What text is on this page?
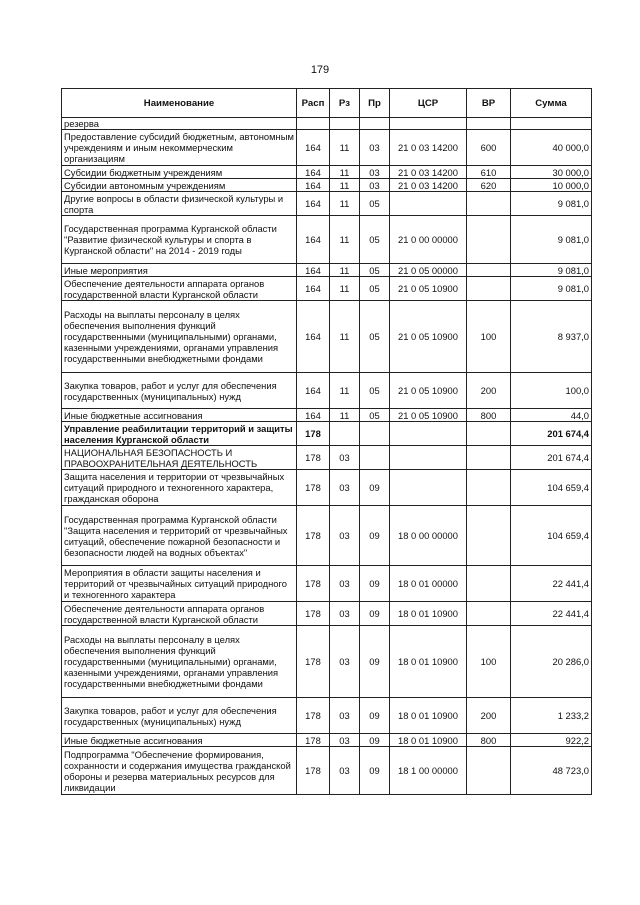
179
Наименование	Расп	Рз	Пр	ЦСР	ВР	Сумма
резерва						
Предоставление субсидий бюджетным, автономным учреждениям и иным некоммерческим организациям	164	11	03	21 0 03 14200	600	40 000,0
Субсидии бюджетным учреждениям	164	11	03	21 0 03 14200	610	30 000,0
Субсидии автономным учреждениям	164	11	03	21 0 03 14200	620	10 000,0
Другие вопросы в области физической культуры и спорта	164	11	05			9 081,0
Государственная программа Курганской области "Развитие физической культуры и спорта в Курганской области" на 2014 - 2019 годы	164	11	05	21 0 00 00000		9 081,0
Иные мероприятия	164	11	05	21 0 05 00000		9 081,0
Обеспечение деятельности аппарата органов государственной власти Курганской области	164	11	05	21 0 05 10900		9 081,0
Расходы на выплаты персоналу в целях обеспечения выполнения функций государственными (муниципальными) органами, казенными учреждениями, органами управления государственными внебюджетными фондами	164	11	05	21 0 05 10900	100	8 937,0
Закупка товаров, работ и услуг для обеспечения государственных (муниципальных) нужд	164	11	05	21 0 05 10900	200	100,0
Иные бюджетные ассигнования	164	11	05	21 0 05 10900	800	44,0
Управление реабилитации территорий и защиты населения Курганской области	178					201 674,4
НАЦИОНАЛЬНАЯ БЕЗОПАСНОСТЬ И ПРАВООХРАНИТЕЛЬНАЯ ДЕЯТЕЛЬНОСТЬ	178	03				201 674,4
Защита населения и территории от чрезвычайных ситуаций природного и техногенного характера, гражданская оборона	178	03	09			104 659,4
Государственная программа Курганской области "Защита населения и территорий от чрезвычайных ситуаций, обеспечение пожарной безопасности и безопасности людей на водных объектах"	178	03	09	18 0 00 00000		104 659,4
Мероприятия в области защиты населения и территорий от чрезвычайных ситуаций природного и техногенного характера	178	03	09	18 0 01 00000		22 441,4
Обеспечение деятельности аппарата органов государственной власти Курганской области	178	03	09	18 0 01 10900		22 441,4
Расходы на выплаты персоналу в целях обеспечения выполнения функций государственными (муниципальными) органами, казенными учреждениями, органами управления государственными внебюджетными фондами	178	03	09	18 0 01 10900	100	20 286,0
Закупка товаров, работ и услуг для обеспечения государственных (муниципальных) нужд	178	03	09	18 0 01 10900	200	1 233,2
Иные бюджетные ассигнования	178	03	09	18 0 01 10900	800	922,2
Подпрограмма "Обеспечение формирования, сохранности и содержания имущества гражданской обороны и резерва материальных ресурсов для ликвидации	178	03	09	18 1 00 00000		48 723,0
